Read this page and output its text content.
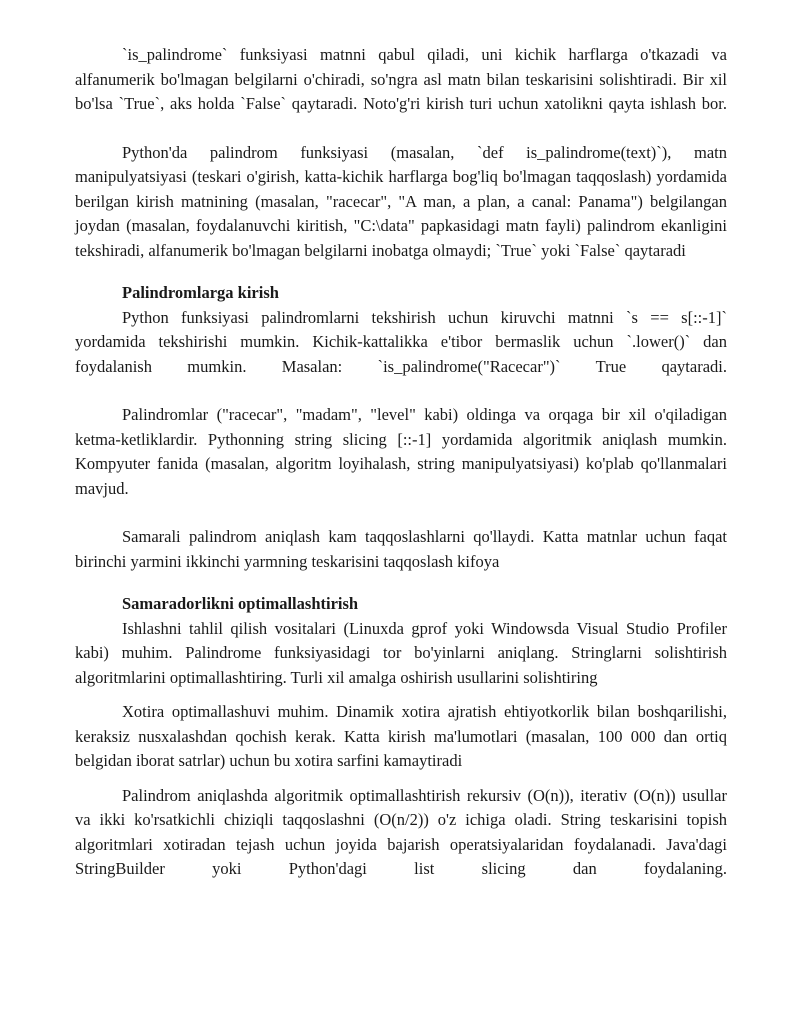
`is_palindrome` funksiyasi matnni qabul qiladi, uni kichik harflarga o'tkazadi va alfanumerik bo'lmagan belgilarni o'chiradi, so'ngra asl matn bilan teskarisini solishtiradi. Bir xil bo'lsa `True`, aks holda `False` qaytaradi. Noto'g'ri kirish turi uchun xatolikni qayta ishlash bor.

Python'da palindrom funksiyasi (masalan, `def is_palindrome(text)`), matn manipulyatsiyasi (teskari o'girish, katta-kichik harflarga bog'liq bo'lmagan taqqoslash) yordamida berilgan kirish matnining (masalan, "racecar", "A man, a plan, a canal: Panama") belgilangan joydan (masalan, foydalanuvchi kiritish, "C:\data" papkasidagi matn fayli) palindrom ekanligini tekshiradi, alfanumerik bo'lmagan belgilarni inobatga olmaydi; `True` yoki `False` qaytaradi

Palindromlarga kirish

Python funksiyasi palindromlarni tekshirish uchun kiruvchi matnni `s == s[::-1]` yordamida tekshirishi mumkin. Kichik-kattalikka e'tibor bermaslik uchun `.lower()` dan foydalanish mumkin. Masalan: `is_palindrome("Racecar")` True qaytaradi.

Palindromlar ("racecar", "madam", "level" kabi) oldinga va orqaga bir xil o'qiladigan ketma-ketliklardir. Pythonning string slicing [::-1] yordamida algoritmik aniqlash mumkin. Kompyuter fanida (masalan, algoritm loyihalash, string manipulyatsiyasi) ko'plab qo'llanmalari mavjud.

Samarali palindrom aniqlash kam taqqoslashlarni qo'llaydi. Katta matnlar uchun faqat birinchi yarmini ikkinchi yarmning teskarisini taqqoslash kifoya

Samaradorlikni optimallashtirish

Ishlashni tahlil qilish vositalari (Linuxda gprof yoki Windowsda Visual Studio Profiler kabi) muhim. Palindrome funksiyasidagi tor bo'yinlarni aniqlang. Stringlarni solishtirish algoritmlarini optimallashtiring. Turli xil amalga oshirish usullarini solishtiring

Xotira optimallashuvi muhim. Dinamik xotira ajratish ehtiyotkorlik bilan boshqarilishi, keraksiz nusxalashdan qochish kerak. Katta kirish ma'lumotlari (masalan, 100 000 dan ortiq belgidan iborat satrlar) uchun bu xotira sarfini kamaytiradi

Palindrom aniqlashda algoritmik optimallashtirish rekursiv (O(n)), iterativ (O(n)) usullar va ikki ko'rsatkichli chiziqli taqqoslashni (O(n/2)) o'z ichiga oladi. String teskarisini topish algoritmlari xotiradan tejash uchun joyida bajarish operatsiyalaridan foydalanadi. Java'dagi StringBuilder yoki Python'dagi list slicing dan foydalaning.
